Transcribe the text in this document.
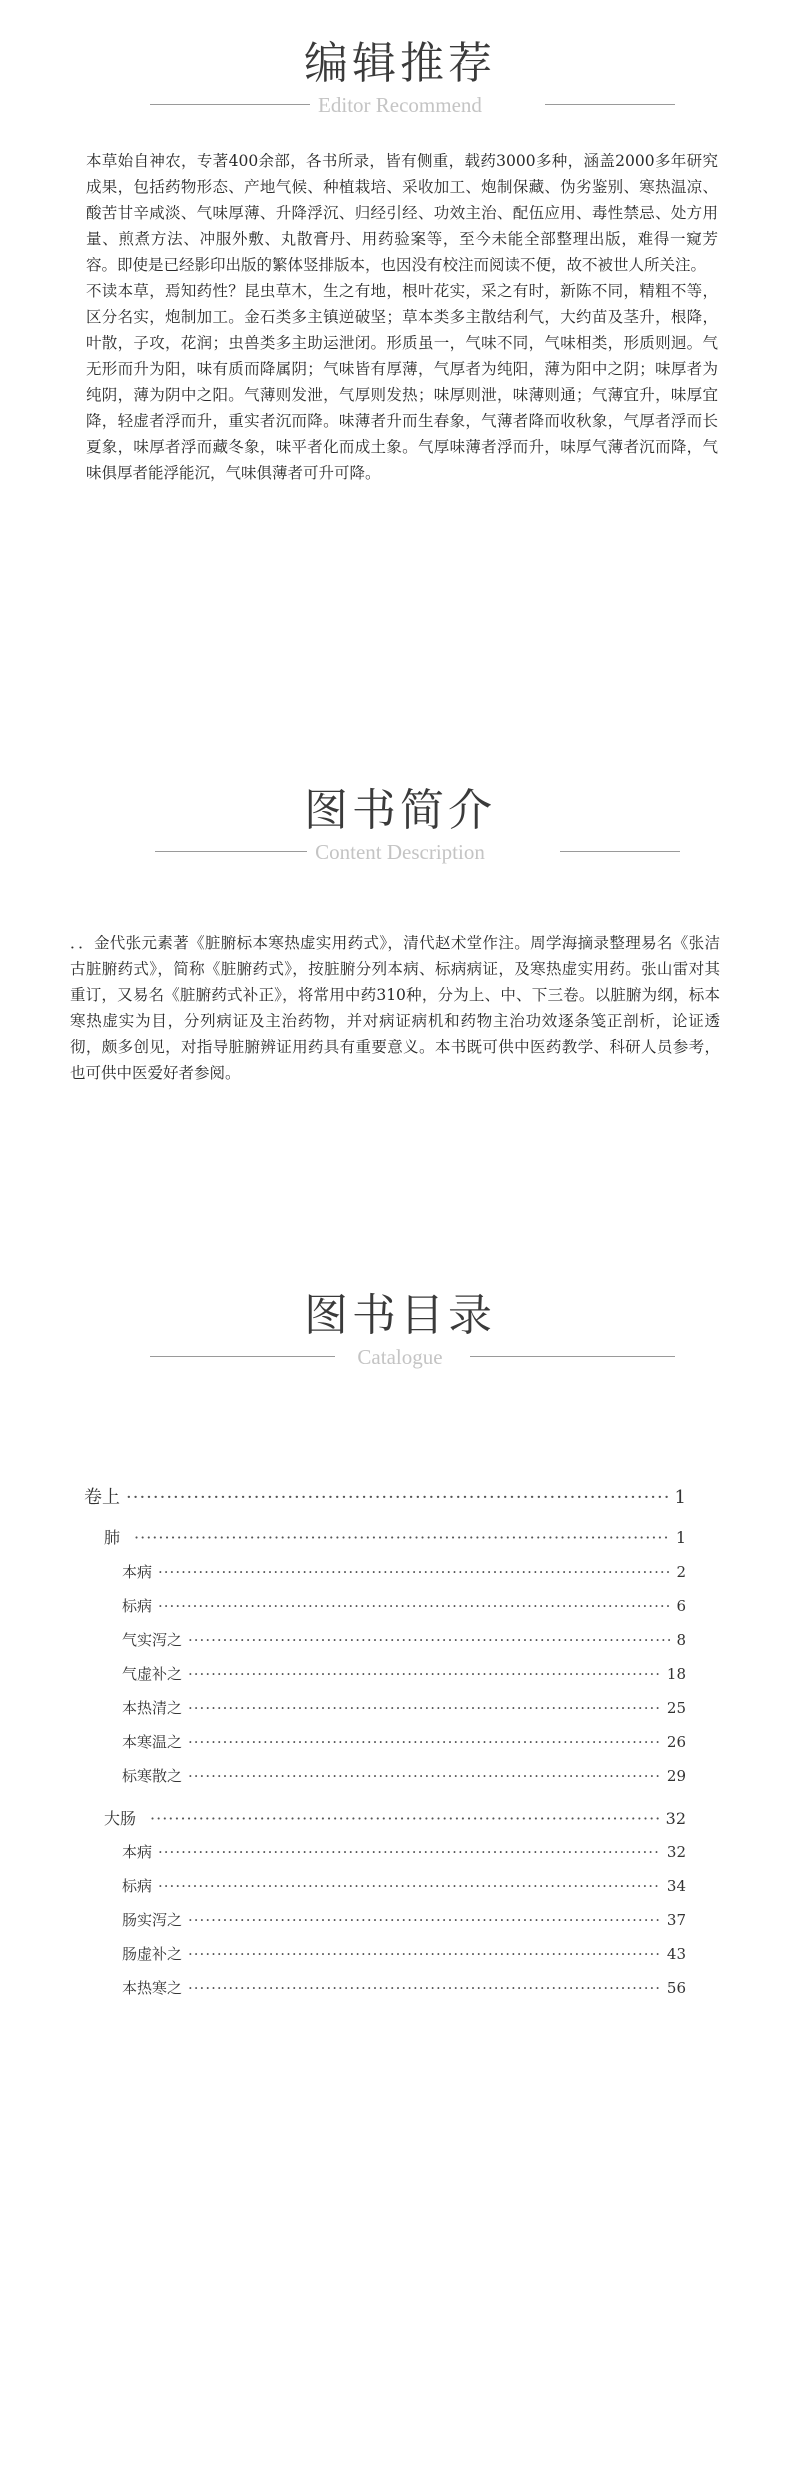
编辑推荐
Editor Recommend

本草始自神农，专著400余部，各书所录，皆有侧重，载药3000多种，涵盖2000多年研究成果，包括药物形态、产地气候、种植栽培、采收加工、炮制保藏、伪劣鉴别、寒热温凉、酸苦甘辛咸淡、气味厚薄、升降浮沉、归经引经、功效主治、配伍应用、毒性禁忌、处方用量、煎煮方法、冲服外敷、丸散膏丹、用药验案等，至今未能全部整理出版，难得一窥芳容。即使是已经影印出版的繁体竖排版本，也因没有校注而阅读不便，故不被世人所关注。

不读本草，焉知药性？昆虫草木，生之有地，根叶花实，采之有时，新陈不同，精粗不等，区分名实，炮制加工。金石类多主镇逆破坚；草本类多主散结利气，大约苗及茎升，根降，叶散，子攻，花润；虫兽类多主助运泄闭。形质虽一，气味不同，气味相类，形质则迥。气无形而升为阳，味有质而降属阴；气味皆有厚薄，气厚者为纯阳，薄为阳中之阴；味厚者为纯阴，薄为阴中之阳。气薄则发泄，气厚则发热；味厚则泄，味薄则通；气薄宜升，味厚宜降，轻虚者浮而升，重实者沉而降。味薄者升而生春象，气薄者降而收秋象，气厚者浮而长夏象，味厚者浮而藏冬象，味平者化而成土象。气厚味薄者浮而升，味厚气薄者沉而降，气味俱厚者能浮能沉，气味俱薄者可升可降。

图书简介
Content Description

．．金代张元素著《脏腑标本寒热虚实用药式》，清代赵术堂作注。周学海摘录整理易名《张洁古脏腑药式》，简称《脏腑药式》，按脏腑分列本病、标病病证，及寒热虚实用药。张山雷对其重订，又易名《脏腑药式补正》，将常用中药310种，分为上、中、下三卷。以脏腑为纲，标本寒热虚实为目，分列病证及主治药物，并对病证病机和药物主治功效逐条笺正剖析，论证透彻，颇多创见，对指导脏腑辨证用药具有重要意义。本书既可供中医药教学、科研人员参考，也可供中医爱好者参阅。

图书目录
Catalogue
卷上 ·····	1
肺 ·····	1
本病 ·····	2
标病 ·····	6
气实泻之 ·····	8
气虚补之 ·····	18
本热清之 ·····	25
本寒温之 ·····	26
标寒散之 ·····	29
大肠 ·····	32
本病 ·····	32
标病 ·····	34
肠实泻之 ·····	37
肠虚补之 ·····	43
本热寒之 ·····	56
